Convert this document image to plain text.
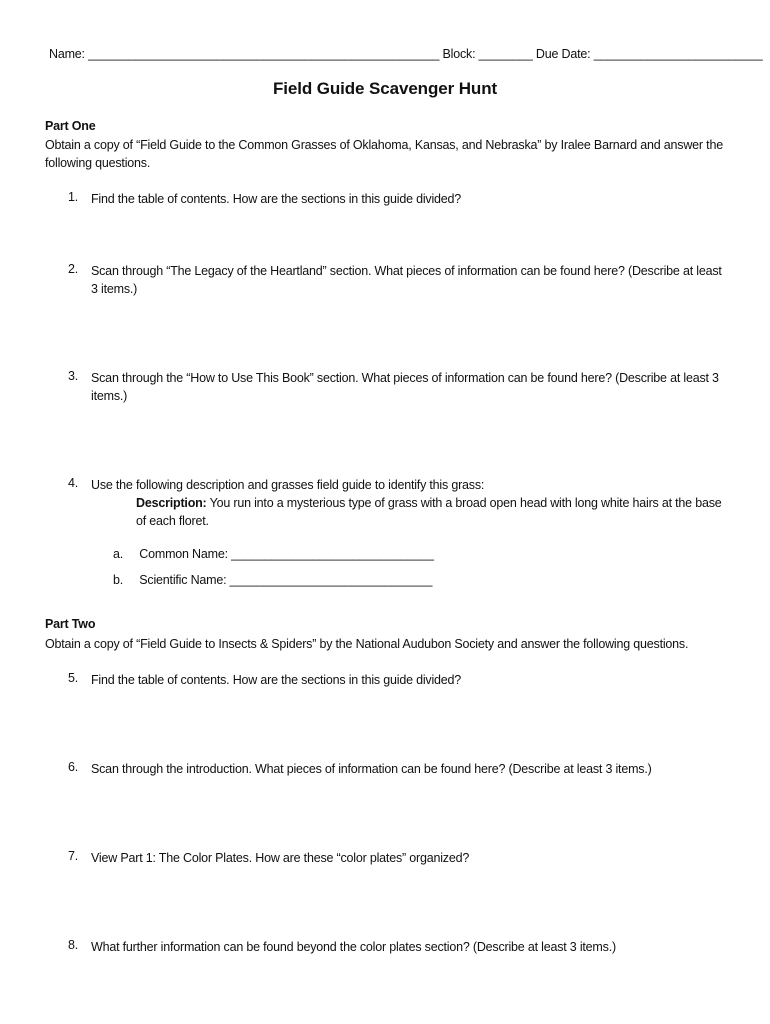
Name: ____________________________________________________ Block: ________ Due Date: _________________________
Field Guide Scavenger Hunt
Part One
Obtain a copy of “Field Guide to the Common Grasses of Oklahoma, Kansas, and Nebraska” by Iralee Barnard and answer the following questions.
1.	Find the table of contents. How are the sections in this guide divided?
2.	Scan through “The Legacy of the Heartland” section. What pieces of information can be found here? (Describe at least 3 items.)
3.	Scan through the “How to Use This Book” section. What pieces of information can be found here? (Describe at least 3 items.)
4.	Use the following description and grasses field guide to identify this grass:
Description: You run into a mysterious type of grass with a broad open head with long white hairs at the base of each floret.
a. Common Name: ______________________________
b. Scientific Name: ______________________________
Part Two
Obtain a copy of “Field Guide to Insects & Spiders” by the National Audubon Society and answer the following questions.
5.	Find the table of contents. How are the sections in this guide divided?
6.	Scan through the introduction. What pieces of information can be found here? (Describe at least 3 items.)
7.	View Part 1: The Color Plates. How are these “color plates” organized?
8.	What further information can be found beyond the color plates section? (Describe at least 3 items.)
